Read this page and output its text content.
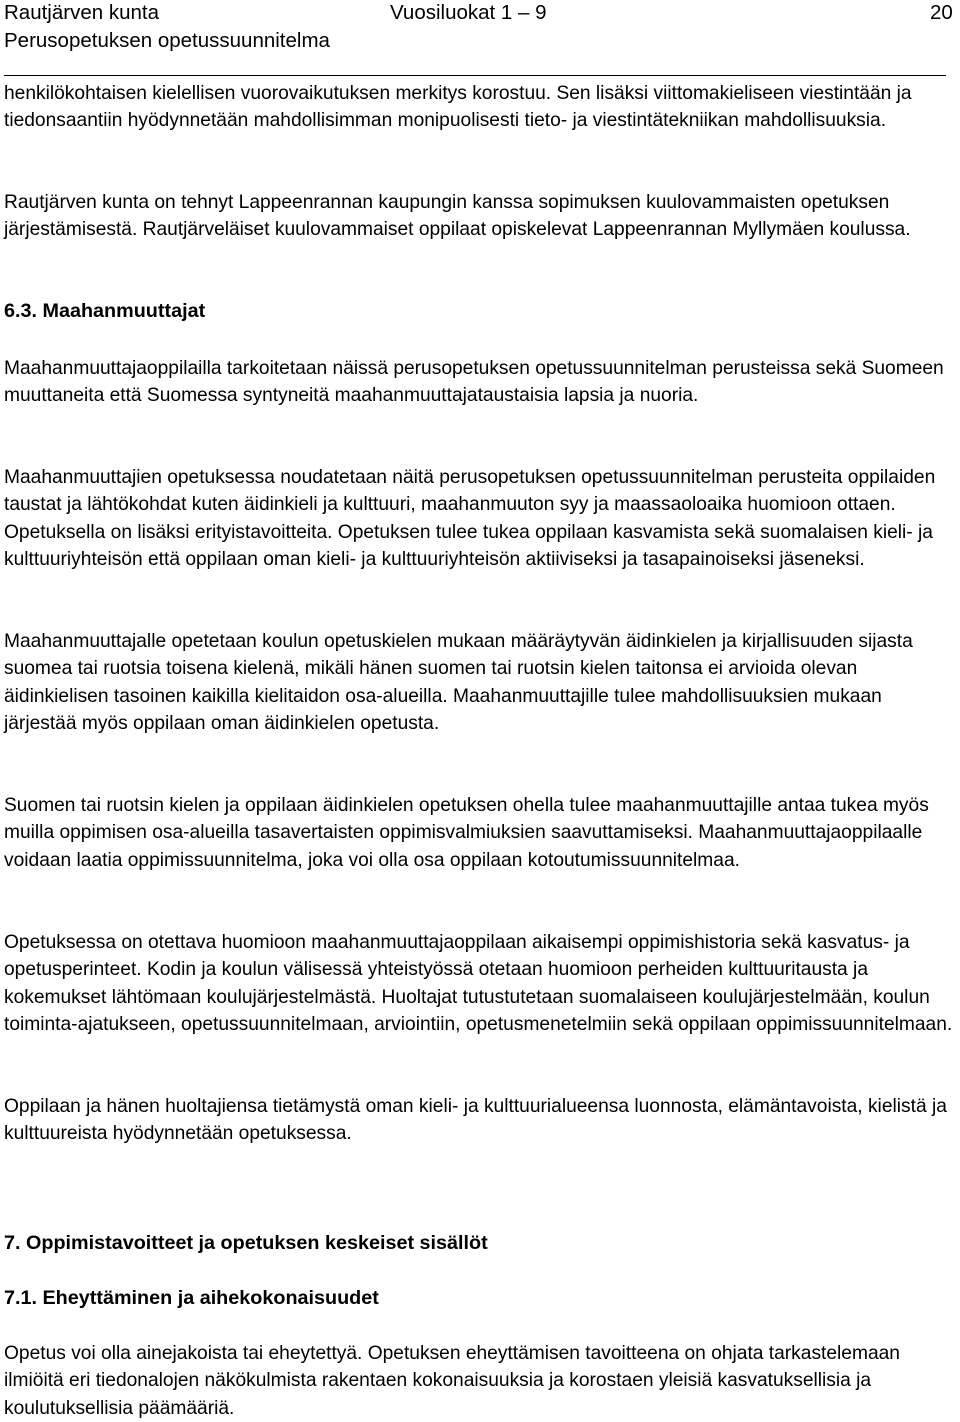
Rautjärven kunta
Perusopetuksen opetussuunnitelma
Vuosiluokat 1 – 9	20

henkilökohtaisen kielellisen vuorovaikutuksen merkitys korostuu. Sen lisäksi viittomakieliseen viestintään ja tiedonsaantiin hyödynnetään mahdollisimman monipuolisesti tieto- ja viestintätekniikan mahdollisuuksia.

Rautjärven kunta on tehnyt Lappeenrannan kaupungin kanssa sopimuksen kuulovammaisten opetuksen järjestämisestä. Rautjärveläiset kuulovammaiset oppilaat opiskelevat Lappeenrannan Myllymäen koulussa.

6.3. Maahanmuuttajat

Maahanmuuttajaoppilailla tarkoitetaan näissä perusopetuksen opetussuunnitelman perusteissa sekä Suomeen muuttaneita että Suomessa syntyneitä maahanmuuttajataustaisia lapsia ja nuoria.

Maahanmuuttajien opetuksessa noudatetaan näitä perusopetuksen opetussuunnitelman perusteita oppilaiden taustat ja lähtökohdat kuten äidinkieli ja kulttuuri, maahanmuuton syy ja maassaoloaika huomioon ottaen. Opetuksella on lisäksi erityistavoitteita. Opetuksen tulee tukea oppilaan kasvamista sekä suomalaisen kieli- ja kulttuuriyhteisön että oppilaan oman kieli- ja kulttuuriyhteisön aktiiviseksi ja tasapainoiseksi jäseneksi.

Maahanmuuttajalle opetetaan koulun opetuskielen mukaan määräytyvän äidinkielen ja kirjallisuuden sijasta suomea tai ruotsia toisena kielenä, mikäli hänen suomen tai ruotsin kielen taitonsa ei arvioida olevan äidinkielisen tasoinen kaikilla kielitaidon osa-alueilla. Maahanmuuttajille tulee mahdollisuuksien mukaan järjestää myös oppilaan oman äidinkielen opetusta.

Suomen tai ruotsin kielen ja oppilaan äidinkielen opetuksen ohella tulee maahanmuuttajille antaa tukea myös muilla oppimisen osa-alueilla tasavertaisten oppimisvalmiuksien saavuttamiseksi. Maahanmuuttajaoppilaalle voidaan laatia oppimissuunnitelma, joka voi olla osa oppilaan kotoutumissuunnitelmaa.

Opetuksessa on otettava huomioon maahanmuuttajaoppilaan aikaisempi oppimishistoria sekä kasvatus- ja opetusperinteet. Kodin ja koulun välisessä yhteistyössä otetaan huomioon perheiden kulttuuritausta ja kokemukset lähtömaan koulujärjestelmästä. Huoltajat tutustutetaan suomalaiseen koulujärjestelmään, koulun toiminta-ajatukseen, opetussuunnitelmaan, arviointiin, opetusmenetelmiin sekä oppilaan oppimissuunnitelmaan.

Oppilaan ja hänen huoltajiensa tietämystä oman kieli- ja kulttuurialueensa luonnosta, elämäntavoista, kielistä ja kulttuureista hyödynnetään opetuksessa.

7. Oppimistavoitteet ja opetuksen keskeiset sisällöt
7.1. Eheyttäminen ja aihekokonaisuudet

Opetus voi olla ainejakoista tai eheytettyä. Opetuksen eheyttämisen tavoitteena on ohjata tarkastelemaan ilmiöitä eri tiedonalojen näkökulmista rakentaen kokonaisuuksia ja korostaen yleisiä kasvatuksellisia ja koulutuksellisia päämääriä.
